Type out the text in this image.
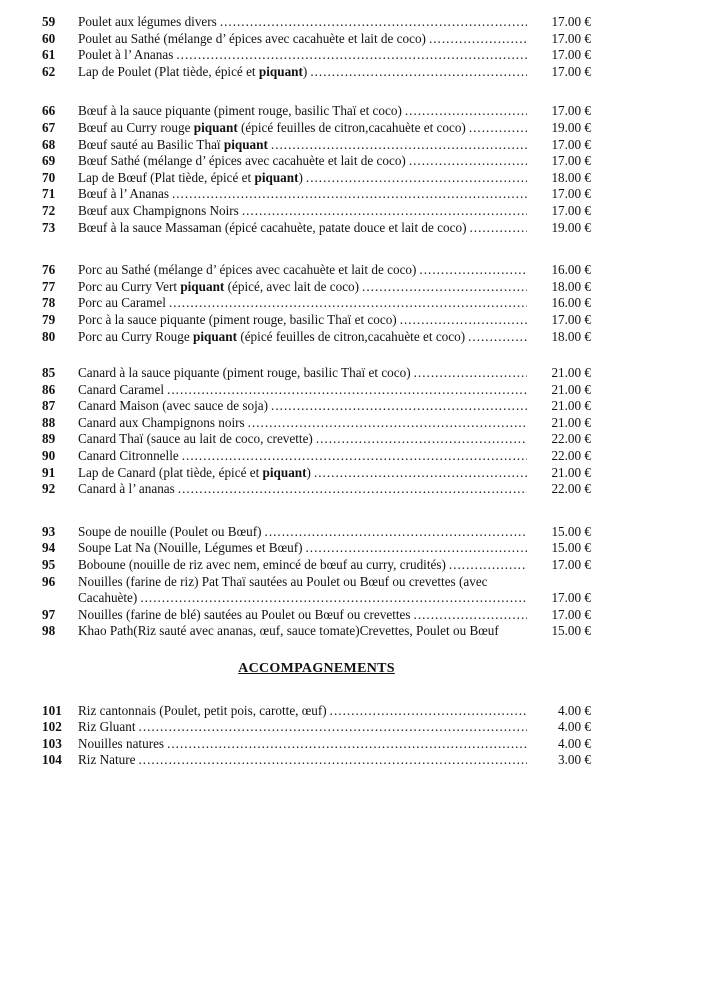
59	Poulet aux légumes divers .....	17.00 €
60	Poulet au Sathé (mélange d’ épices avec cacahuète et lait de coco) .....	17.00 €
61	Poulet à l’ Ananas .....	17.00 €
62	Lap de Poulet (Plat tiède, épicé et piquant) .....	17.00 €
66	Bœuf à la sauce piquante (piment rouge, basilic Thaï et coco) .....	17.00 €
67	Bœuf au Curry rouge piquant (épicé feuilles de citron,cacahuète et coco) .....	19.00 €
68	Bœuf sauté au Basilic Thaï piquant .....	17.00 €
69	Bœuf Sathé (mélange d’ épices avec cacahuète et lait de coco) .....	17.00 €
70	Lap de Bœuf (Plat tiède, épicé et piquant) .....	18.00 €
71	Bœuf à l’ Ananas .....	17.00 €
72	Bœuf aux Champignons Noirs .....	17.00 €
73	Bœuf à la sauce Massaman (épicé cacahuète, patate douce et lait de coco) .....	19.00 €
76	Porc au Sathé (mélange d’ épices avec cacahuète et lait de coco) .....	16.00 €
77	Porc au Curry Vert piquant (épicé, avec lait de coco) .....	18.00 €
78	Porc au Caramel .....	16.00 €
79	Porc à la sauce piquante (piment rouge, basilic Thaï et coco) .....	17.00 €
80	Porc au Curry Rouge piquant (épicé feuilles de citron,cacahuète et coco) .....	18.00 €
85	Canard à la sauce piquante (piment rouge, basilic Thaï et coco) .....	21.00 €
86	Canard Caramel .....	21.00 €
87	Canard Maison (avec sauce de soja) .....	21.00 €
88	Canard aux Champignons noirs .....	21.00 €
89	Canard Thaï (sauce au lait de coco, crevette) .....	22.00 €
90	Canard Citronnelle .....	22.00 €
91	Lap de Canard (plat tiède, épicé et piquant) .....	21.00 €
92	Canard à l’ ananas .....	22.00 €
93	Soupe de nouille (Poulet ou Bœuf) .....	15.00 €
94	Soupe Lat Na (Nouille, Légumes et Bœuf) .....	15.00 €
95	Boboune (nouille de riz avec nem, emincé de bœuf au curry, crudités) .....	17.00 €
96	Nouilles (farine de riz) Pat Thaï sautées au Poulet ou Bœuf ou crevettes (avec
Cacahuète) .....	17.00 €
97	Nouilles (farine de blé) sautées au Poulet ou Bœuf ou crevettes .....	17.00 €
98	Khao Path(Riz sauté avec ananas, œuf, sauce tomate)Crevettes, Poulet ou Bœuf	15.00 €
ACCOMPAGNEMENTS
101	Riz cantonnais (Poulet, petit pois, carotte, œuf) .....	4.00 €
102	Riz Gluant .....	4.00 €
103	Nouilles natures .....	4.00 €
104	Riz Nature .....	3.00 €
